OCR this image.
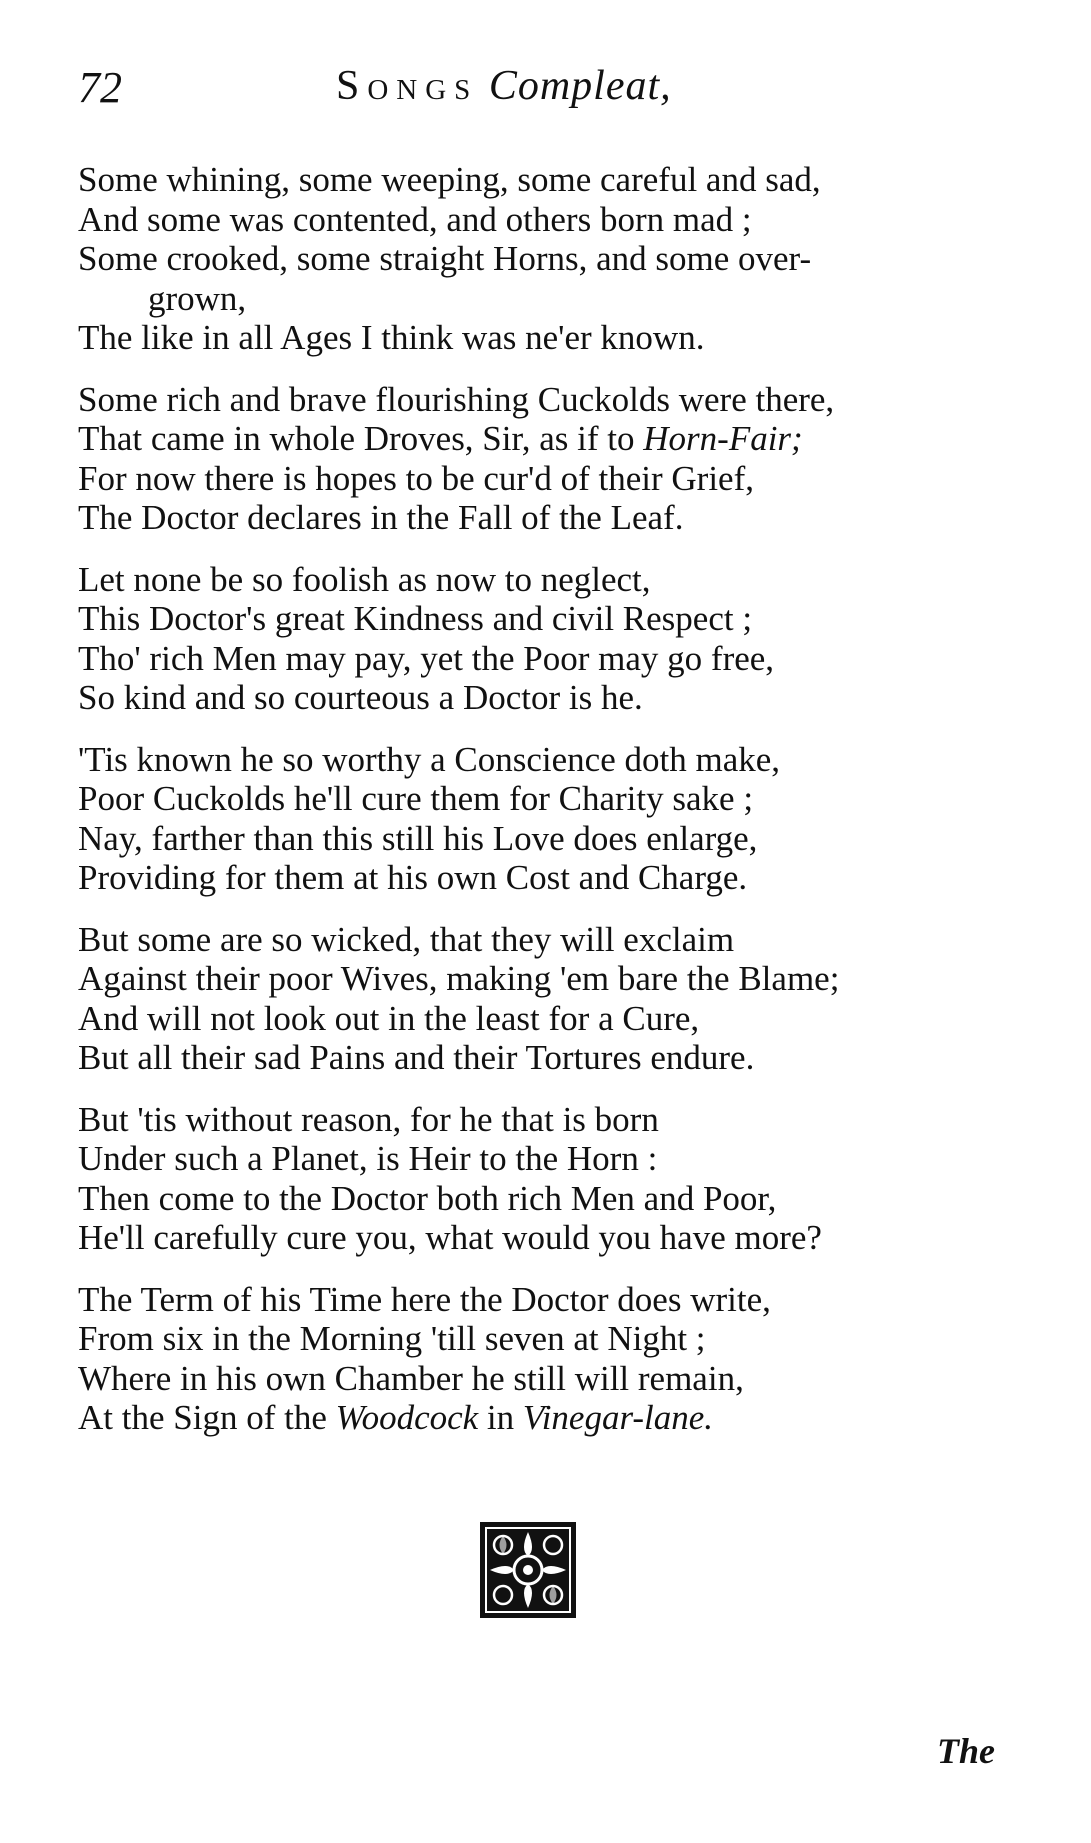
72	Songs Compleat,
Some whining, some weeping, some careful and sad,
And some was contented, and others born mad ;
Some crooked, some straight Horns, and some over-
grown,
The like in all Ages I think was ne'er known.
Some rich and brave flourishing Cuckolds were there,
That came in whole Droves, Sir, as if to Horn-Fair;
For now there is hopes to be cur'd of their Grief,
The Doctor declares in the Fall of the Leaf.
Let none be so foolish as now to neglect,
This Doctor's great Kindness and civil Respect ;
Tho' rich Men may pay, yet the Poor may go free,
So kind and so courteous a Doctor is he.
'Tis known he so worthy a Conscience doth make,
Poor Cuckolds he'll cure them for Charity sake ;
Nay, farther than this still his Love does enlarge,
Providing for them at his own Cost and Charge.
But some are so wicked, that they will exclaim
Against their poor Wives, making 'em bare the Blame;
And will not look out in the least for a Cure,
But all their sad Pains and their Tortures endure.
But 'tis without reason, for he that is born
Under such a Planet, is Heir to the Horn :
Then come to the Doctor both rich Men and Poor,
He'll carefully cure you, what would you have more?
The Term of his Time here the Doctor does write,
From six in the Morning 'till seven at Night ;
Where in his own Chamber he still will remain,
At the Sign of the Woodcock in Vinegar-lane.
The
